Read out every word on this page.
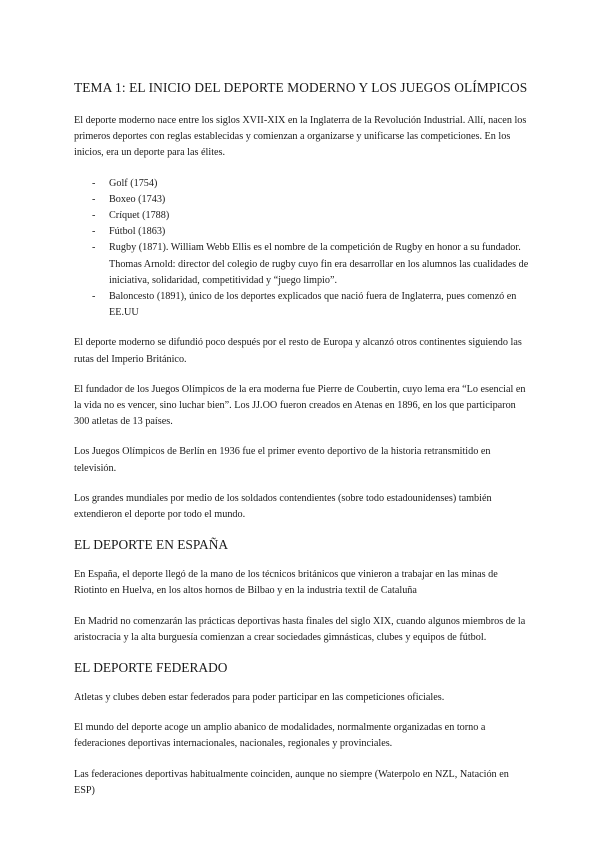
TEMA 1: EL INICIO DEL DEPORTE MODERNO Y LOS JUEGOS OLÍMPICOS

El deporte moderno nace entre los siglos XVII-XIX en la Inglaterra de la Revolución Industrial. Allí, nacen los primeros deportes con reglas establecidas y comienzan a organizarse y unificarse las competiciones. En los inicios, era un deporte para las élites.

- Golf (1754)
- Boxeo (1743)
- Críquet (1788)
- Fútbol (1863)
- Rugby (1871). William Webb Ellis es el nombre de la competición de Rugby en honor a su fundador. Thomas Arnold: director del colegio de rugby cuyo fin era desarrollar en los alumnos las cualidades de iniciativa, solidaridad, competitividad y “juego limpio”.
- Baloncesto (1891), único de los deportes explicados que nació fuera de Inglaterra, pues comenzó en EE.UU

El deporte moderno se difundió poco después por el resto de Europa y alcanzó otros continentes siguiendo las rutas del Imperio Británico.

El fundador de los Juegos Olímpicos de la era moderna fue Pierre de Coubertin, cuyo lema era “Lo esencial en la vida no es vencer, sino luchar bien”. Los JJ.OO fueron creados en Atenas en 1896, en los que participaron 300 atletas de 13 países.

Los Juegos Olímpicos de Berlín en 1936 fue el primer evento deportivo de la historia retransmitido en televisión.

Los grandes mundiales por medio de los soldados contendientes (sobre todo estadounidenses) también extendieron el deporte por todo el mundo.

EL DEPORTE EN ESPAÑA

En España, el deporte llegó de la mano de los técnicos británicos que vinieron a trabajar en las minas de Riotinto en Huelva, en los altos hornos de Bilbao y en la industria textil de Cataluña

En Madrid no comenzarán las prácticas deportivas hasta finales del siglo XIX, cuando algunos miembros de la aristocracia y la alta burguesía comienzan a crear sociedades gimnásticas, clubes y equipos de fútbol.

EL DEPORTE FEDERADO

Atletas y clubes deben estar federados para poder participar en las competiciones oficiales.

El mundo del deporte acoge un amplio abanico de modalidades, normalmente organizadas en torno a federaciones deportivas internacionales, nacionales, regionales y provinciales.

Las federaciones deportivas habitualmente coinciden, aunque no siempre (Waterpolo en NZL, Natación en ESP)
